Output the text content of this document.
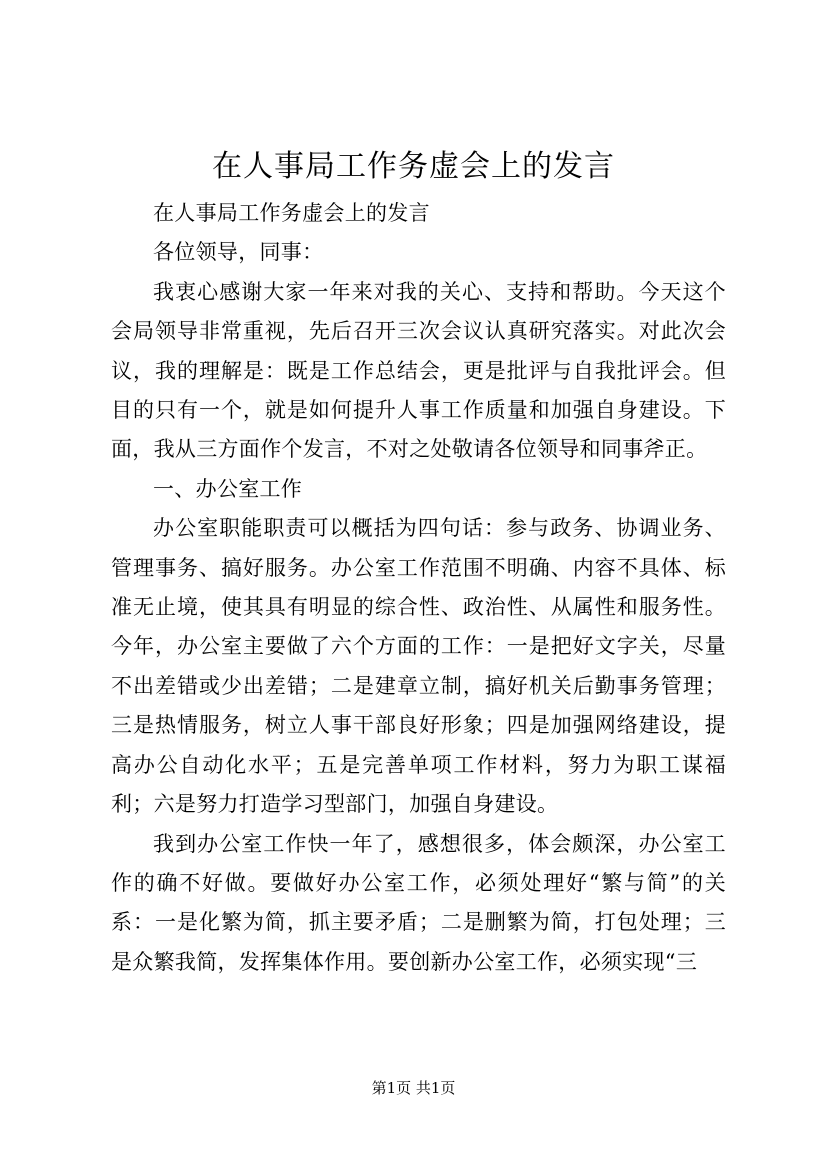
在人事局工作务虚会上的发言

在人事局工作务虚会上的发言

各位领导，同事：

我衷心感谢大家一年来对我的关心、支持和帮助。今天这个会局领导非常重视，先后召开三次会议认真研究落实。对此次会议，我的理解是：既是工作总结会，更是批评与自我批评会。但目的只有一个，就是如何提升人事工作质量和加强自身建设。下面，我从三方面作个发言，不对之处敬请各位领导和同事斧正。

一、办公室工作

办公室职能职责可以概括为四句话：参与政务、协调业务、管理事务、搞好服务。办公室工作范围不明确、内容不具体、标准无止境，使其具有明显的综合性、政治性、从属性和服务性。今年，办公室主要做了六个方面的工作：一是把好文字关，尽量不出差错或少出差错；二是建章立制，搞好机关后勤事务管理；三是热情服务，树立人事干部良好形象；四是加强网络建设，提高办公自动化水平；五是完善单项工作材料，努力为职工谋福利；六是努力打造学习型部门，加强自身建设。

我到办公室工作快一年了，感想很多，体会颇深，办公室工作的确不好做。要做好办公室工作，必须处理好“繁与简”的关系：一是化繁为简，抓主要矛盾；二是删繁为简，打包处理；三是众繁我简，发挥集体作用。要创新办公室工作，必须实现“三

第1页 共1页
